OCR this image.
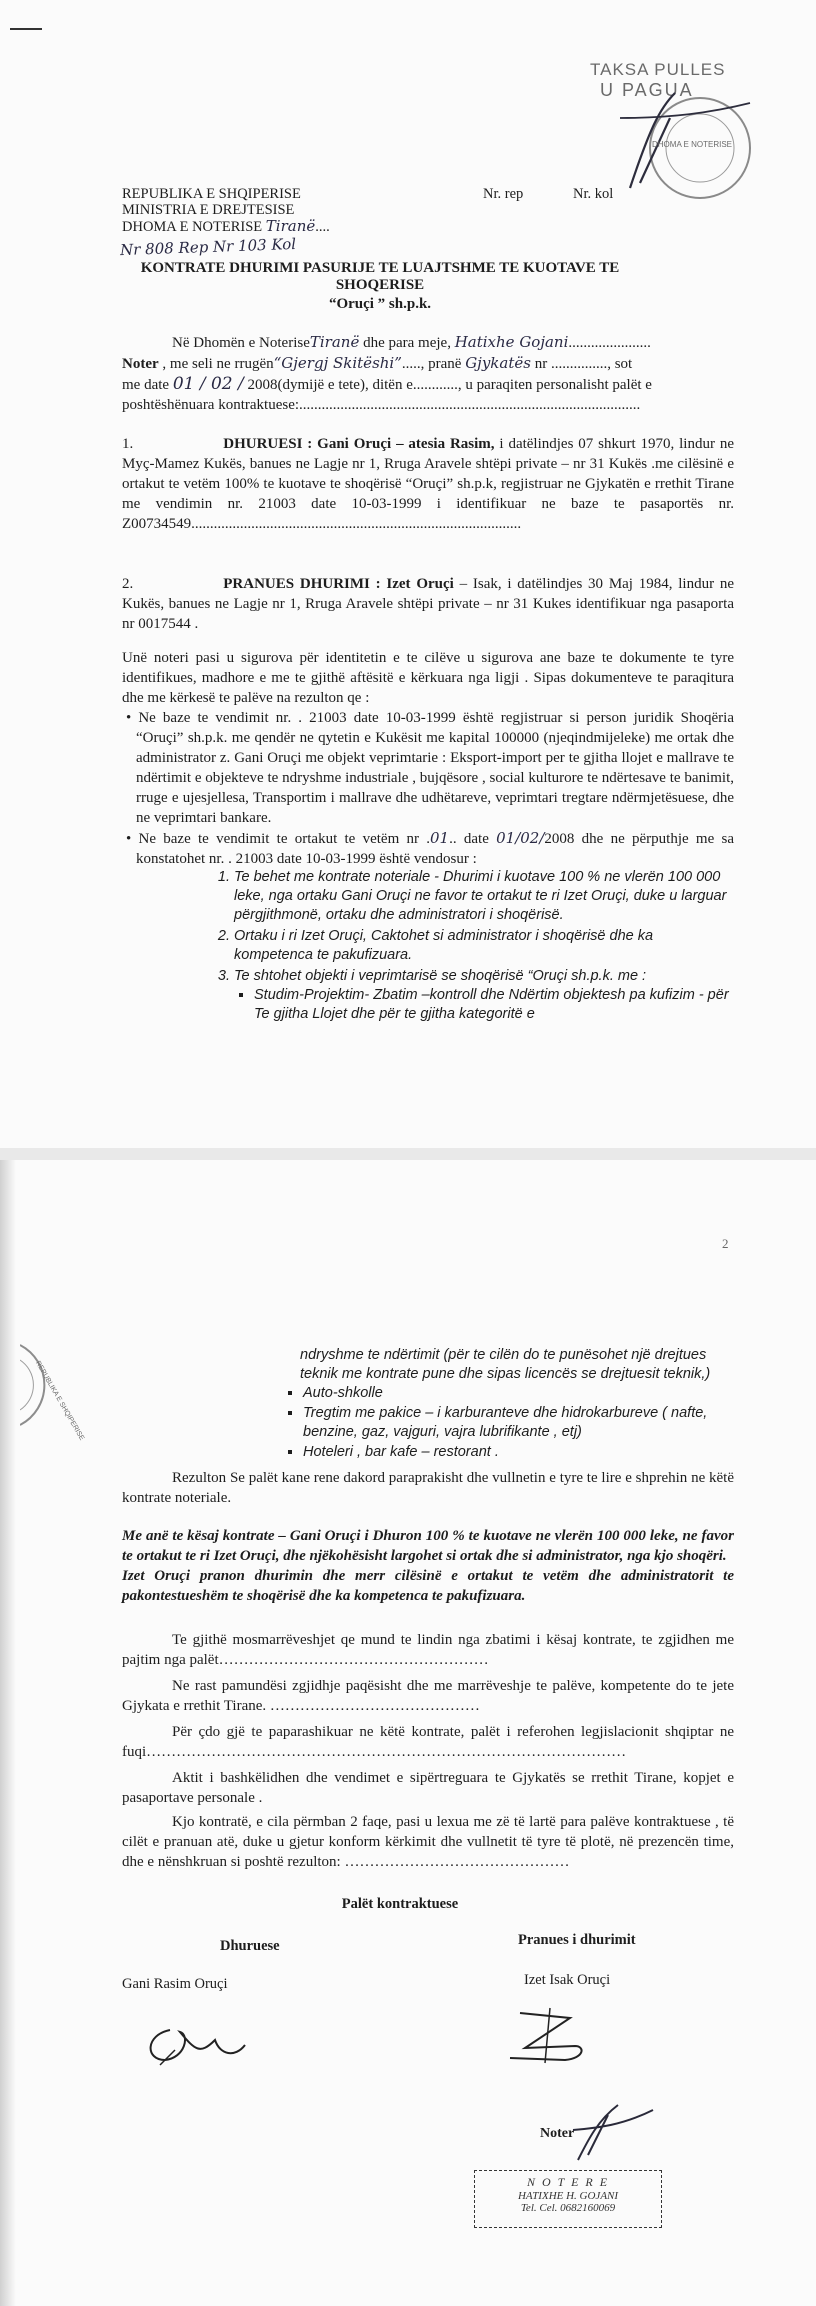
TAKSA PULLES
U PAGUA
DHOMA E NOTERISE
REPUBLIKA E SHQIPERISE
MINISTRIA E DREJTESISE
DHOMA E NOTERISE Tiranë....
Nr. rep	Nr. kol
Nr 808 Rep Nr 103 Kol
KONTRATE DHURIMI PASURIJE TE LUAJTSHME TE KUOTAVE TE SHOQERISE
“Oruçi ” sh.p.k.

Në Dhomën e NoteriseTiranë dhe para meje, Hatixhe Gojani......................

Noter , me seli ne rrugën“Gjergj Skitëshi”....., pranë Gjykatës nr ..............., sot

me date 01 / 02 / 2008(dymijë e tete), ditën e............, u paraqiten personalisht palët e

poshtëshënuara kontraktuese:...........................................................................................

1.	DHURUESI : Gani Oruçi – atesia Rasim, i datëlindjes 07 shkurt 1970, lindur ne Myç-Mamez Kukës, banues ne Lagje nr 1, Rruga Aravele shtëpi private – nr 31 Kukës .me cilësinë e ortakut te vetëm 100% te kuotave te shoqërisë “Oruçi” sh.p.k, regjistruar ne Gjykatën e rrethit Tirane me vendimin nr. 21003 date 10-03-1999 i identifikuar ne baze te pasaportës nr. Z00734549........................................................................................
2.	PRANUES DHURIMI : Izet Oruçi – Isak, i datëlindjes 30 Maj 1984, lindur ne Kukës, banues ne Lagje nr 1, Rruga Aravele shtëpi private – nr 31 Kukes identifikuar nga pasaporta nr 0017544 .
Unë noteri pasi u sigurova për identitetin e te cilëve u sigurova ane baze te dokumente te tyre identifikues, madhore e me te gjithë aftësitë e kërkuara nga ligji . Sipas dokumenteve te paraqitura dhe me kërkesë te palëve na rezulton qe :

• Ne baze te vendimit nr. . 21003 date 10-03-1999 është regjistruar si person juridik Shoqëria “Oruçi” sh.p.k. me qendër ne qytetin e Kukësit me kapital 100000 (njeqindmijeleke) me ortak dhe administrator z. Gani Oruçi me objekt veprimtarie : Eksport-import per te gjitha llojet e mallrave te ndërtimit e objekteve te ndryshme industriale , bujqësore , social kulturore te ndërtesave te banimit, rruge e ujesjellesa, Transportim i mallrave dhe udhëtareve, veprimtari tregtare ndërmjetësuese, dhe ne veprimtari bankare.

• Ne baze te vendimit te ortakut te vetëm nr .01.. date 01/02/2008 dhe ne përputhje me sa konstatohet nr. . 21003 date 10-03-1999 është vendosur :

1. Te behet me kontrate noteriale - Dhurimi i kuotave 100 % ne vlerën 100 000 leke, nga ortaku Gani Oruçi ne favor te ortakut te ri Izet Oruçi, duke u larguar përgjithmonë, ortaku dhe administratori i shoqërisë.
2. Ortaku i ri Izet Oruçi, Caktohet si administrator i shoqërisë dhe ka kompetenca te pakufizuara.
3. Te shtohet objekti i veprimtarisë se shoqërisë “Oruçi sh.p.k. me :
▪ Studim-Projektim- Zbatim –kontroll dhe Ndërtim objektesh pa kufizim - për Te gjitha Llojet dhe për te gjitha kategoritë e
2
REPUBLIKA E SHQIPERISE
ndryshme te ndërtimit (për te cilën do te punësohet një drejtues teknik me kontrate pune dhe sipas licencës se drejtuesit teknik,)
▪ Auto-shkolle
▪ Tregtim me pakice – i karburanteve dhe hidrokarbureve ( nafte, benzine, gaz, vajguri, vajra lubrifikante , etj)
▪ Hoteleri , bar kafe – restorant .
Rezulton Se palët kane rene dakord paraprakisht dhe vullnetin e tyre te lire e shprehin ne këtë kontrate noteriale.

Me anë te kësaj kontrate – Gani Oruçi i Dhuron 100 % te kuotave ne vlerën 100 000 leke, ne favor te ortakut te ri Izet Oruçi, dhe njëkohësisht largohet si ortak dhe si administrator, nga kjo shoqëri.

Izet Oruçi pranon dhurimin dhe merr cilësinë e ortakut te vetëm dhe administratorit te pakontestueshëm te shoqërisë dhe ka kompetenca te pakufizuara.

Te gjithë mosmarrëveshjet qe mund te lindin nga zbatimi i kësaj kontrate, te zgjidhen me pajtim nga palët………………………………………………

Ne rast pamundësi zgjidhje paqësisht dhe me marrëveshje te palëve, kompetente do te jete Gjykata e rrethit Tirane. ……………………………………

Për çdo gjë te paparashikuar ne këtë kontrate, palët i referohen legjislacionit shqiptar ne fuqi……………………………………………………………………………………

Aktit i bashkëlidhen dhe vendimet e sipërtreguara te Gjykatës se rrethit Tirane, kopjet e pasaportave personale .

Kjo kontratë, e cila përmban 2 faqe, pasi u lexua me zë të lartë para palëve kontraktuese , të cilët e pranuan atë, duke u gjetur konform kërkimit dhe vullnetit të tyre të plotë, në prezencën time, dhe e nënshkruan si poshtë rezulton: ………………………………………

Palët kontraktuese
Dhuruese	Pranues i dhurimit
Gani Rasim Oruçi	Izet Isak Oruçi
Noter
N O T E R E
HATIXHE H. GOJANI
Tel. Cel. 0682160069
